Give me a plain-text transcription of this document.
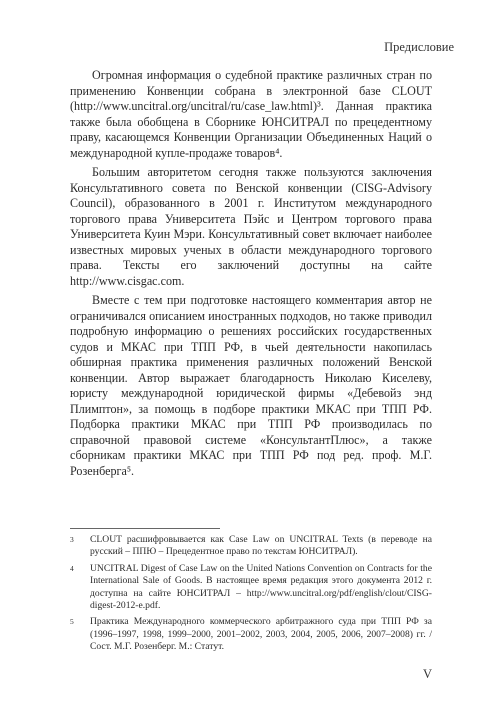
Предисловие

Огромная информация о судебной практике различных стран по применению Конвенции собрана в электронной базе CLOUT (http://www.uncitral.org/uncitral/ru/case_law.html)³. Данная практика также была обобщена в Сборнике ЮНСИТРАЛ по прецедентному праву, касающемся Конвенции Организации Объединенных Наций о международной купле-продаже товаров⁴.

Большим авторитетом сегодня также пользуются заключения Консультативного совета по Венской конвенции (CISG-Advisory Council), образованного в 2001 г. Институтом международного торгового права Университета Пэйс и Центром торгового права Университета Куин Мэри. Консультативный совет включает наиболее известных мировых ученых в области международного торгового права. Тексты его заключений доступны на сайте http://www.cisgac.com.

Вместе с тем при подготовке настоящего комментария автор не ограничивался описанием иностранных подходов, но также приводил подробную информацию о решениях российских государственных судов и МКАС при ТПП РФ, в чьей деятельности накопилась обширная практика применения различных положений Венской конвенции. Автор выражает благодарность Николаю Киселеву, юристу международной юридической фирмы «Дебевойз энд Плимптон», за помощь в подборе практики МКАС при ТПП РФ. Подборка практики МКАС при ТПП РФ производилась по справочной правовой системе «КонсультантПлюс», а также сборникам практики МКАС при ТПП РФ под ред. проф. М.Г. Розенберга⁵.

3	CLOUT расшифровывается как Case Law on UNCITRAL Texts (в переводе на русский – ППЮ – Прецедентное право по текстам ЮНСИТРАЛ).
4	UNCITRAL Digest of Case Law on the United Nations Convention on Contracts for the International Sale of Goods. В настоящее время редакция этого документа 2012 г. доступна на сайте ЮНСИТРАЛ – http://www.uncitral.org/pdf/english/clout/CISG-digest-2012-e.pdf.
5	Практика Международного коммерческого арбитражного суда при ТПП РФ за (1996–1997, 1998, 1999–2000, 2001–2002, 2003, 2004, 2005, 2006, 2007–2008) гг. / Сост. М.Г. Розенберг. М.: Статут.
V
